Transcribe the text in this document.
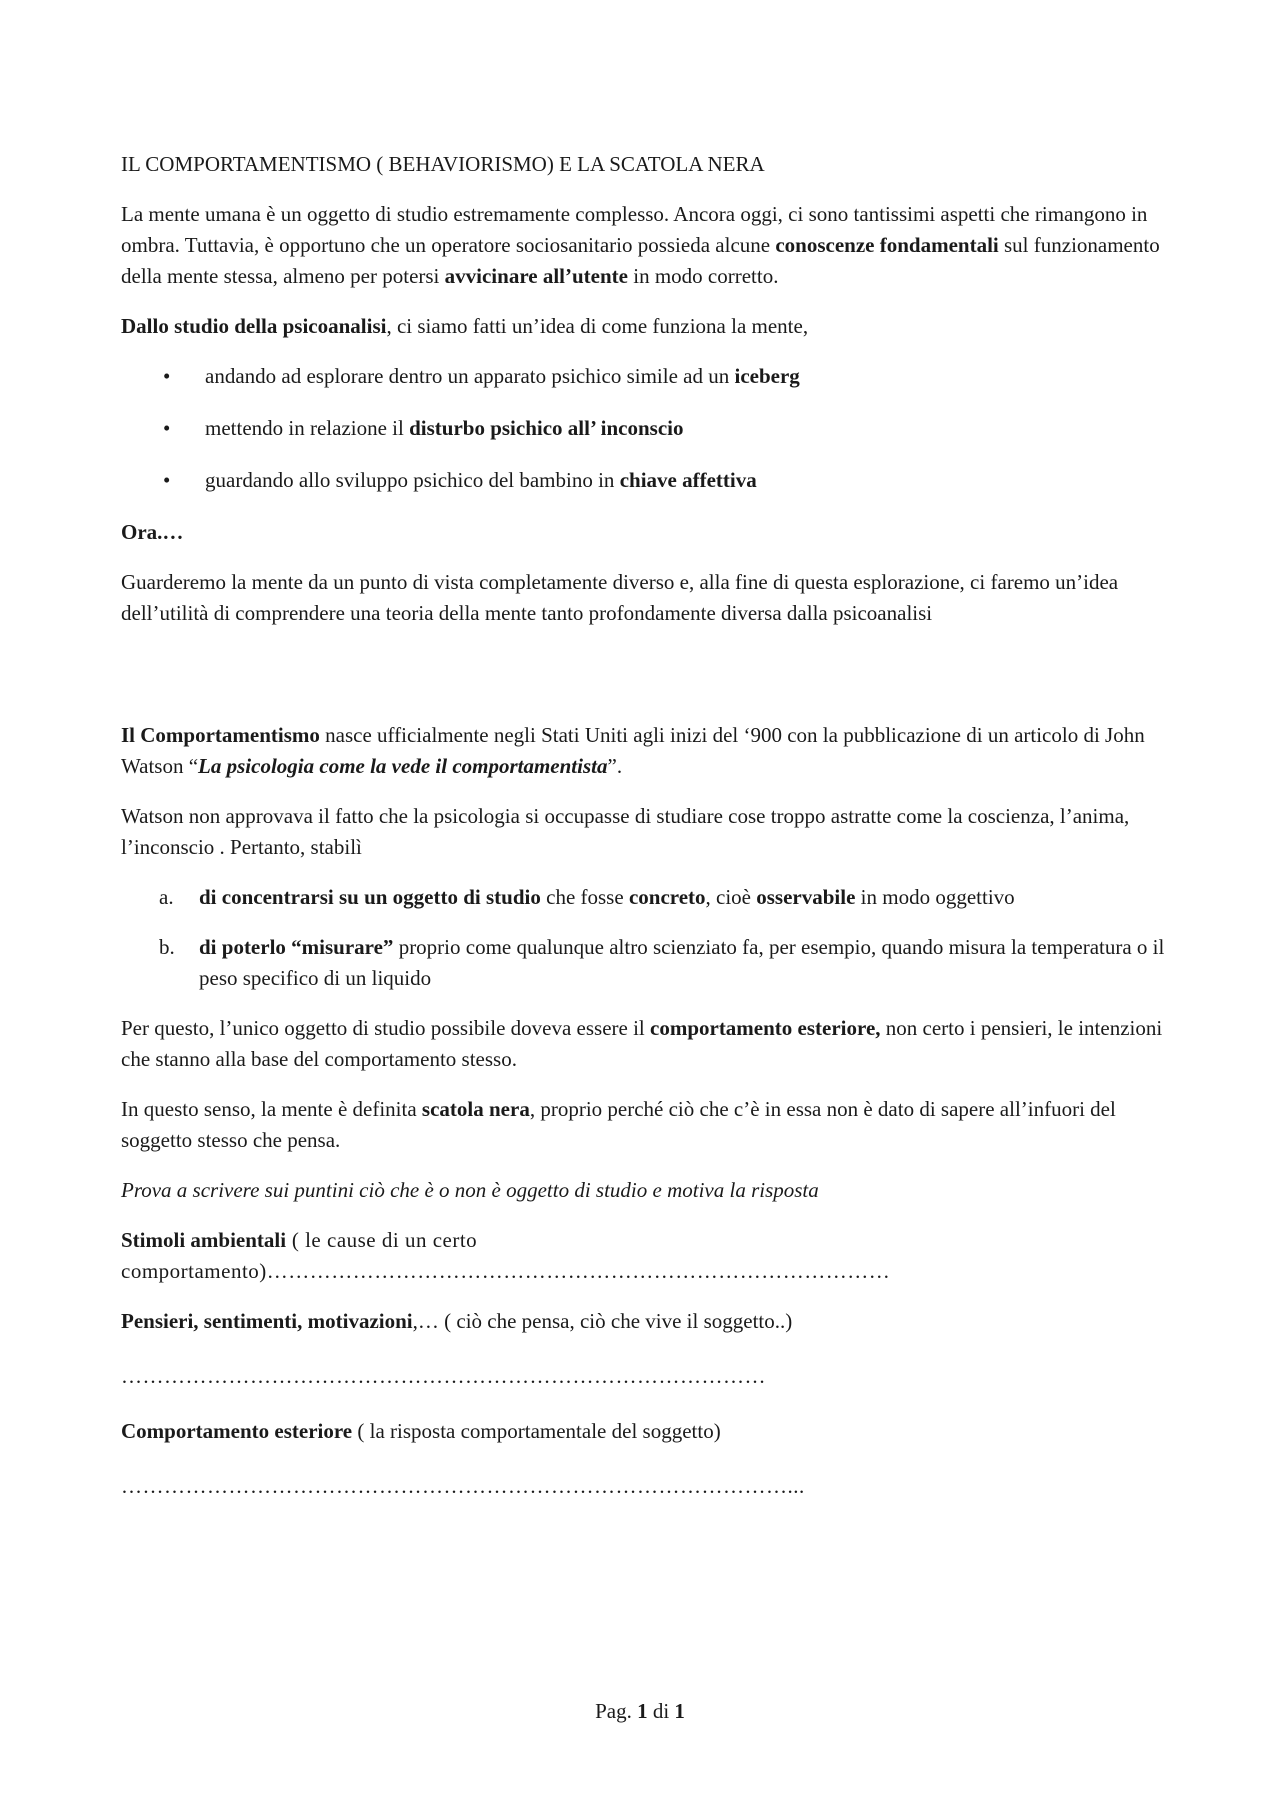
IL COMPORTAMENTISMO ( BEHAVIORISMO) E LA SCATOLA NERA

La mente umana è un oggetto di studio estremamente complesso. Ancora oggi, ci sono tantissimi aspetti che rimangono in ombra. Tuttavia, è opportuno che un operatore sociosanitario possieda alcune conoscenze fondamentali sul funzionamento della mente stessa, almeno per potersi avvicinare all’utente in modo corretto.

Dallo studio della psicoanalisi, ci siamo fatti un’idea di come funziona la mente,

• andando ad esplorare dentro un apparato psichico simile ad un iceberg
• mettendo in relazione il disturbo psichico all’ inconscio
• guardando allo sviluppo psichico del bambino in chiave affettiva

Ora.…

Guarderemo la mente da un punto di vista completamente diverso e, alla fine di questa esplorazione, ci faremo un’idea dell’utilità di comprendere una teoria della mente tanto profondamente diversa dalla psicoanalisi

Il Comportamentismo nasce ufficialmente negli Stati Uniti agli inizi del ‘900 con la pubblicazione di un articolo di John Watson “La psicologia come la vede il comportamentista”.

Watson non approvava il fatto che la psicologia si occupasse di studiare cose troppo astratte come la coscienza, l’anima, l’inconscio . Pertanto, stabilì

a. di concentrarsi su un oggetto di studio che fosse concreto, cioè osservabile in modo oggettivo
b. di poterlo “misurare” proprio come qualunque altro scienziato fa, per esempio, quando misura la temperatura o il peso specifico di un liquido

Per questo, l’unico oggetto di studio possibile doveva essere il comportamento esteriore, non certo i pensieri, le intenzioni che stanno alla base del comportamento stesso.

In questo senso, la mente è definita scatola nera, proprio perché ciò che c’è in essa non è dato di sapere all’infuori del soggetto stesso che pensa.

Prova a scrivere sui puntini ciò che è o non è oggetto di studio e motiva la risposta

Stimoli ambientali ( le cause di un certo comportamento)……………………………………………………………………………

Pensieri, sentimenti, motivazioni,… ( ciò che pensa, ciò che vive il soggetto..)

………………………………………………………………………………

Comportamento esteriore ( la risposta comportamentale del soggetto)

…………………………………………………………………………………...

Pag. 1 di 1
